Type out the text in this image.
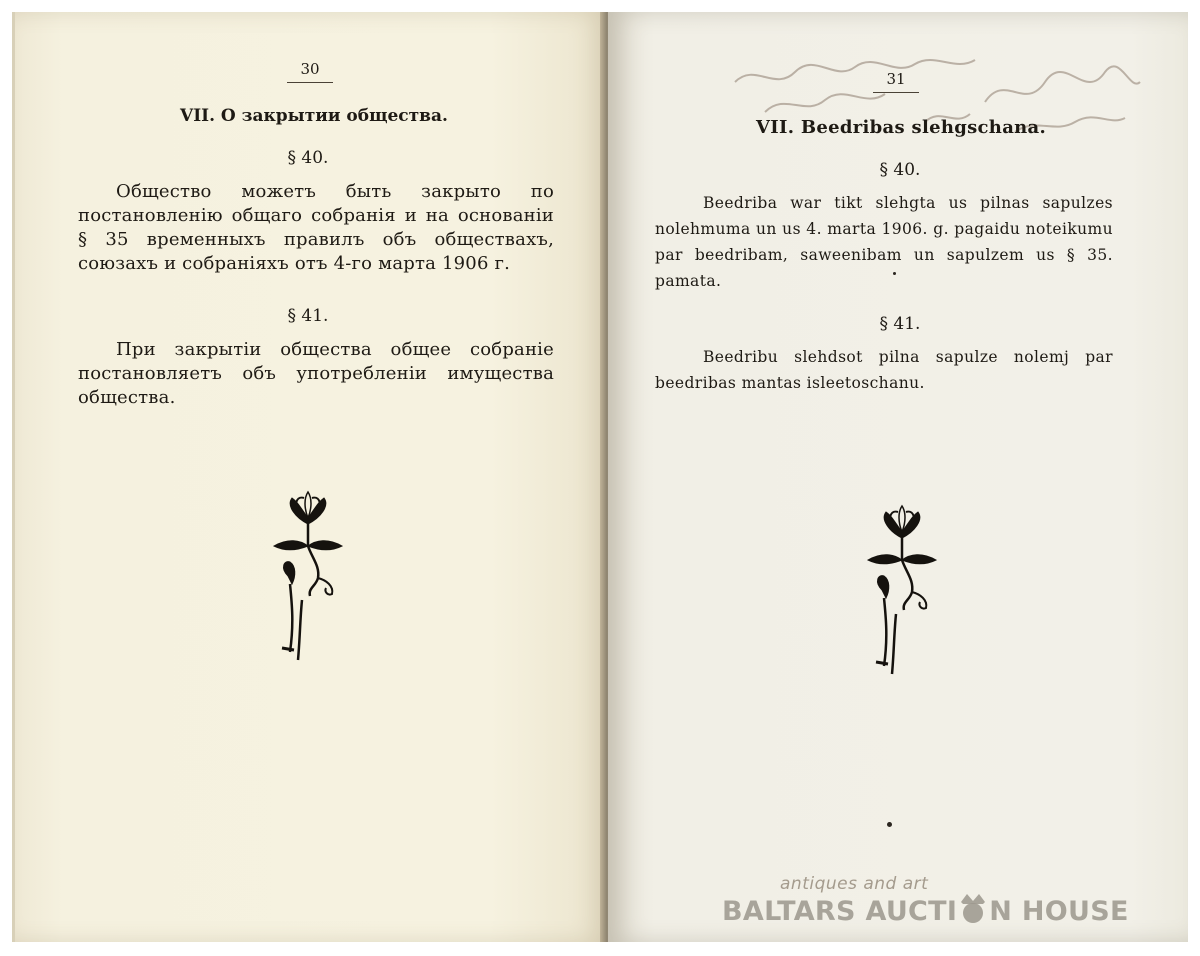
30
VII. О закрытии общества.
§ 40.
Общество можетъ быть закрыто по постановленію общаго собранія и на основаніи § 35 временныхъ правилъ объ обществахъ, союзахъ и собраніяхъ отъ 4-го марта 1906 г.
§ 41.
При закрытіи общества общее собраніе постановляетъ объ употребленіи имущества общества.

31
VII. Beedribas slehgschana.
§ 40.
Beedriba war tikt slehgta us pilnas sapulzes nolehmuma un us 4. marta 1906. g. pagaidu noteikumu par beedribam, saweenibam un sapulzem us § 35. pamata.
§ 41.
Beedribu slehdsot pilna sapulze nolemj par beedribas mantas isleetoschanu.
antiques and art
BALTARS AUCTI N HOUSE
